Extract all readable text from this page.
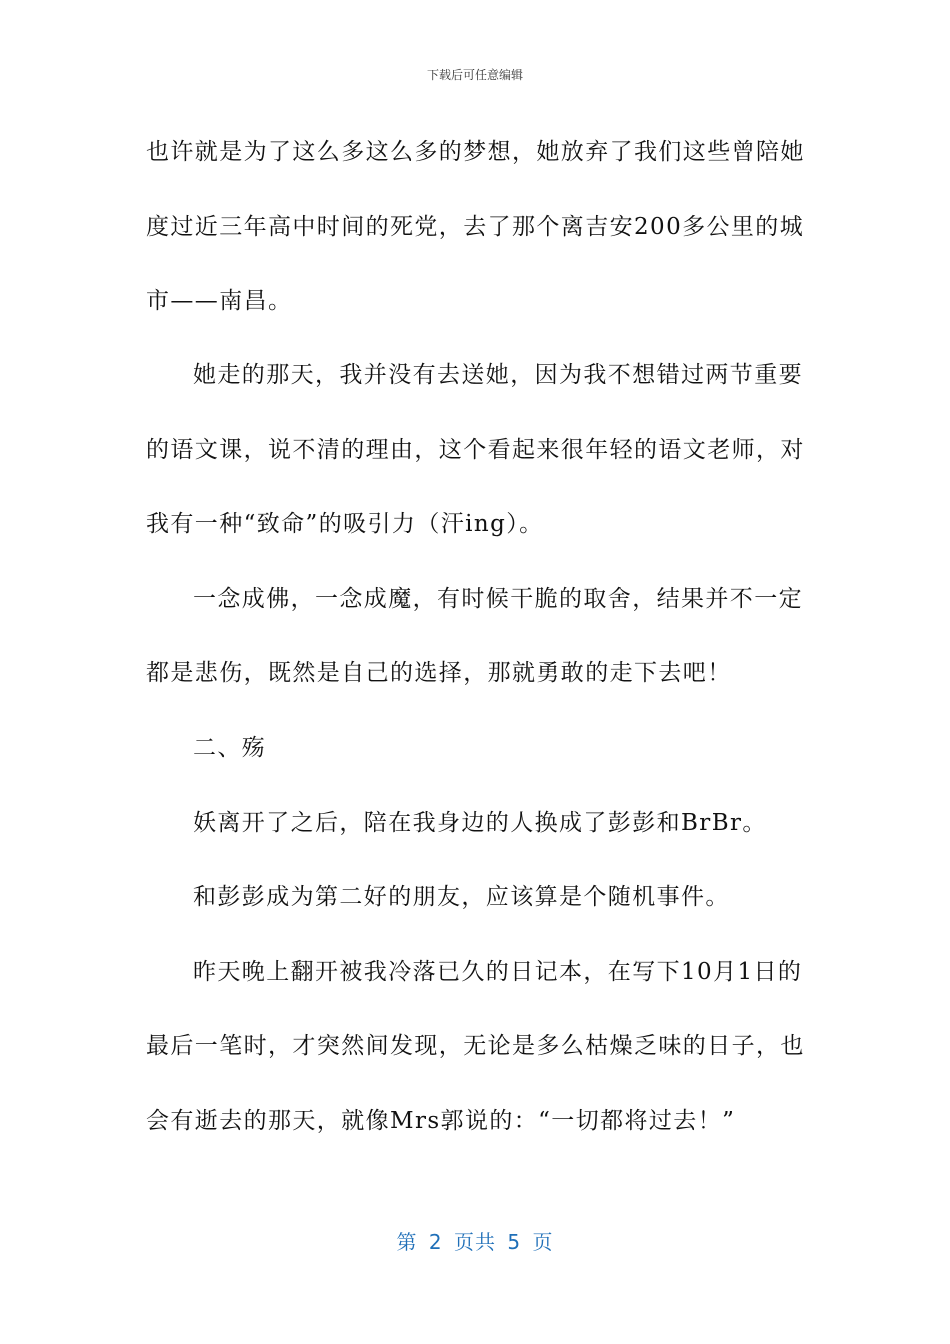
下载后可任意编辑
也许就是为了这么多这么多的梦想，她放弃了我们这些曾陪她
度过近三年高中时间的死党，去了那个离吉安200多公里的城
市——南昌。
她走的那天，我并没有去送她，因为我不想错过两节重要
的语文课，说不清的理由，这个看起来很年轻的语文老师，对
我有一种“致命”的吸引力（汗ing）。
一念成佛，一念成魔，有时候干脆的取舍，结果并不一定
都是悲伤，既然是自己的选择，那就勇敢的走下去吧！
二、殇
妖离开了之后，陪在我身边的人换成了彭彭和BrBr。
和彭彭成为第二好的朋友，应该算是个随机事件。
昨天晚上翻开被我冷落已久的日记本，在写下10月1日的
最后一笔时，才突然间发现，无论是多么枯燥乏味的日子，也
会有逝去的那天，就像Mrs郭说的：“一切都将过去！”
第 2 页共 5 页
